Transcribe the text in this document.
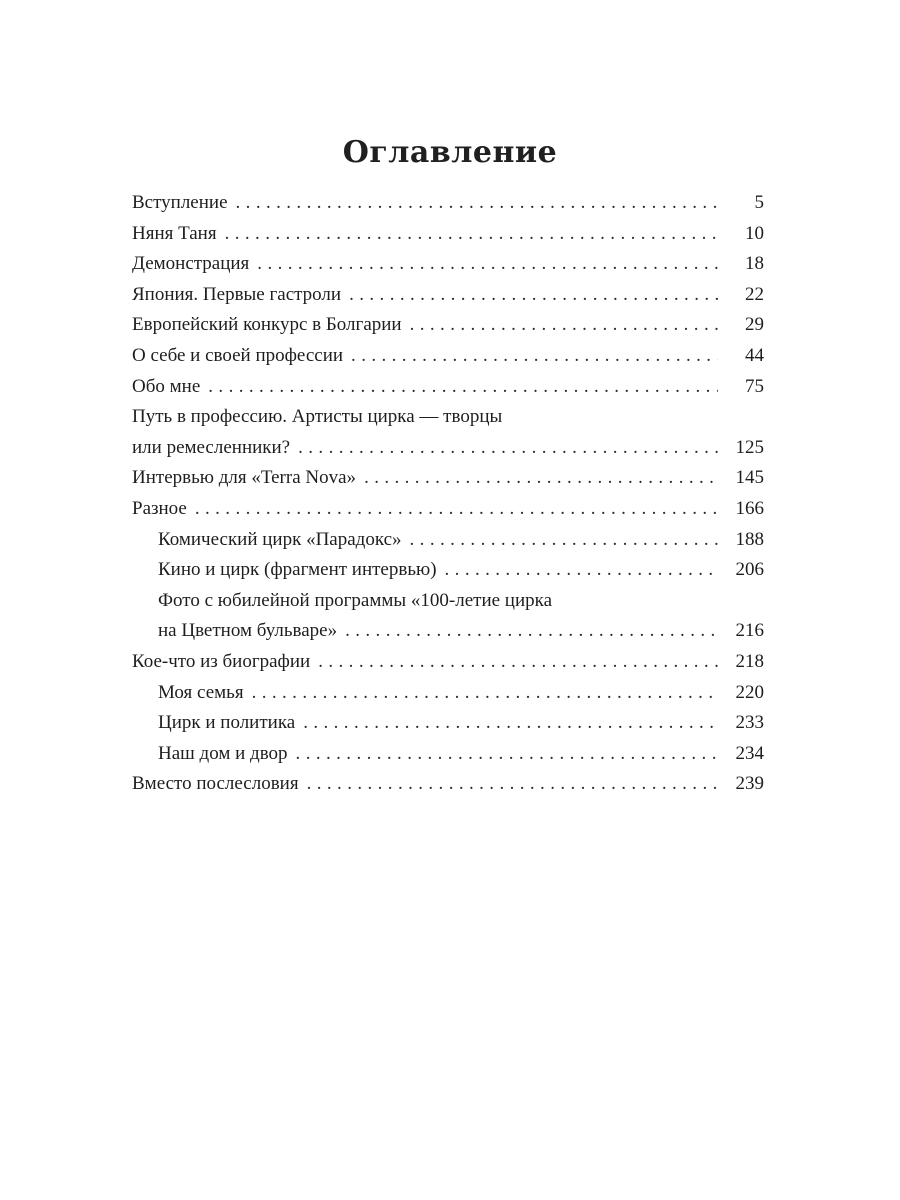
Оглавление
Вступление .....	5
Няня Таня .....	10
Демонстрация .....	18
Япония. Первые гастроли .....	22
Европейский конкурс в Болгарии .....	29
О себе и своей профессии .....	44
Обо мне .....	75
Путь в профессию. Артисты цирка — творцы
или ремесленники? .....	125
Интервью для «Terra Nova» .....	145
Разное .....	166
Комический цирк «Парадокс» .....	188
Кино и цирк (фрагмент интервью) .....	206
Фото с юбилейной программы «100-летие цирка
на Цветном бульваре» .....	216
Кое-что из биографии .....	218
Моя семья .....	220
Цирк и политика .....	233
Наш дом и двор .....	234
Вместо послесловия .....	239
